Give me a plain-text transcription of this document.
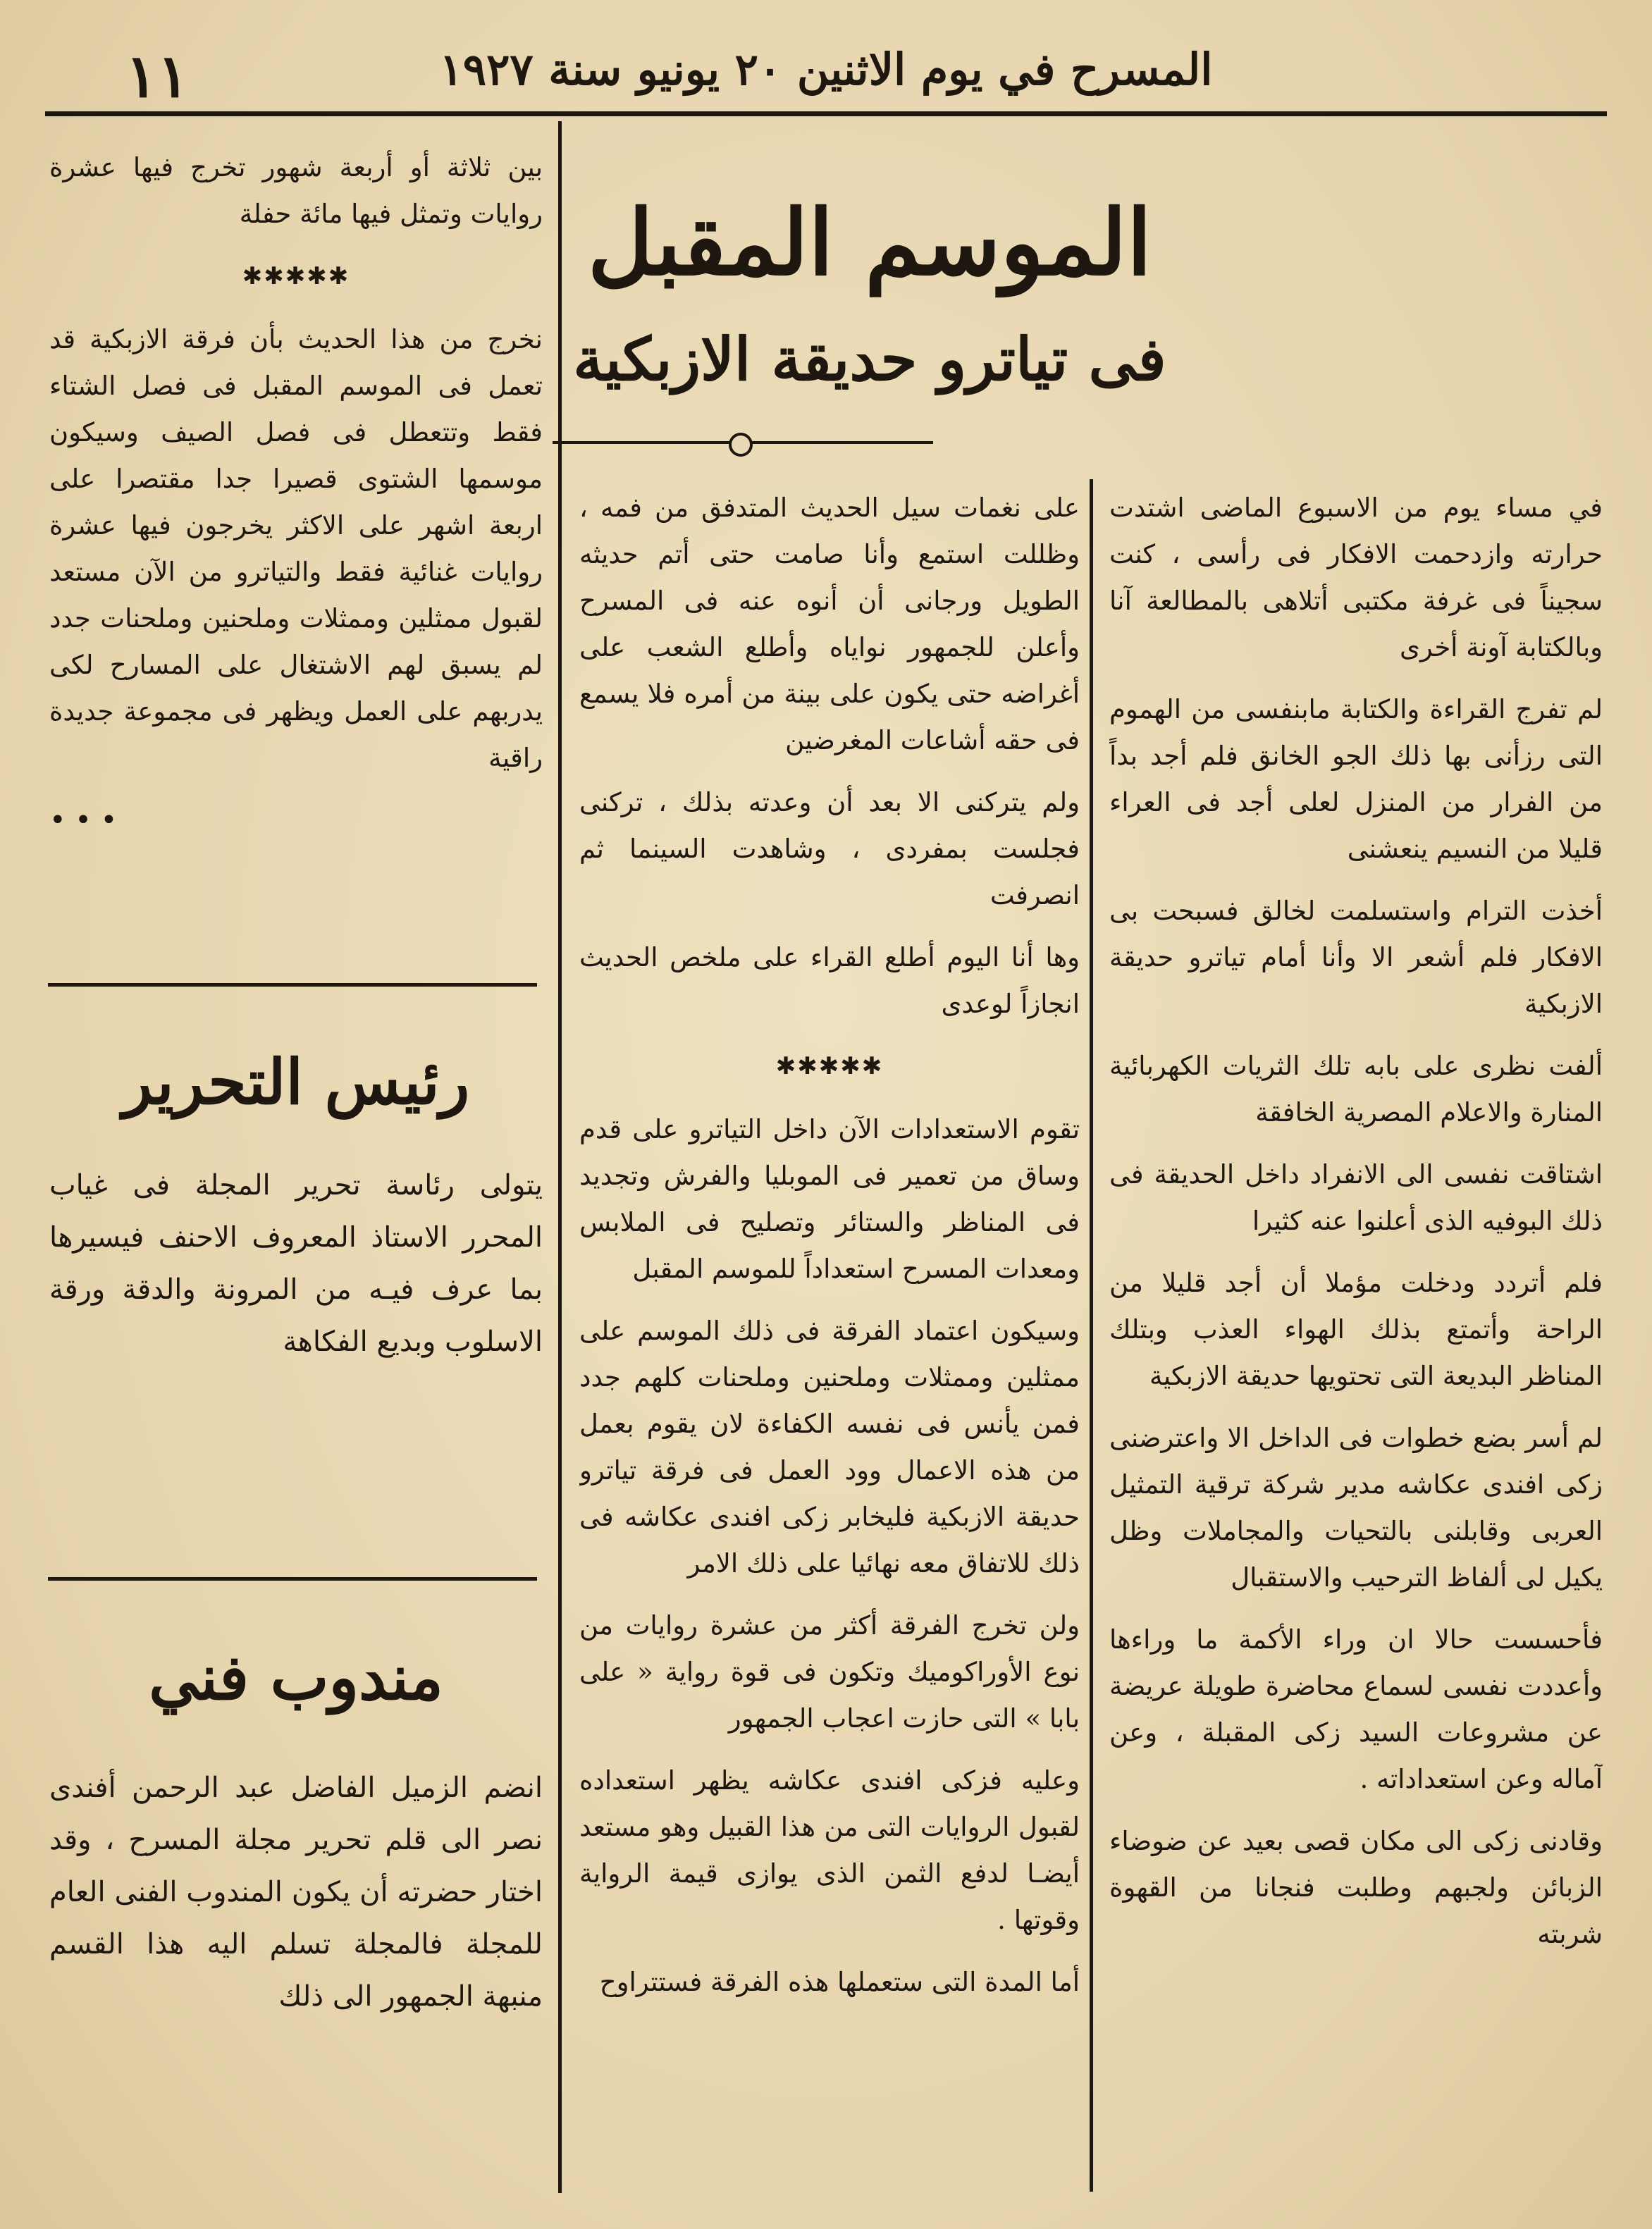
١١	المسرح في يوم الاثنين ٢٠ يونيو سنة ١٩٢٧
الموسم المقبل
فى تياترو حديقة الازبكية

في مساء يوم من الاسبوع الماضى اشتدت حرارته وازدحمت الافكار فى رأسى ، كنت سجيناً فى غرفة مكتبى أتلاهى بالمطالعة آنا وبالكتابة آونة أخرى

لم تفرج القراءة والكتابة مابنفسى من الهموم التى رزأنى بها ذلك الجو الخانق فلم أجد بداً من الفرار من المنزل لعلى أجد فى العراء قليلا من النسيم ينعشنى

أخذت الترام واستسلمت لخالق فسبحت بى الافكار فلم أشعر الا وأنا أمام تياترو حديقة الازبكية

ألفت نظرى على بابه تلك الثريات الكهربائية المنارة والاعلام المصرية الخافقة

اشتاقت نفسى الى الانفراد داخل الحديقة فى ذلك البوفيه الذى أعلنوا عنه كثيرا

فلم أتردد ودخلت مؤملا أن أجد قليلا من الراحة وأتمتع بذلك الهواء العذب وبتلك المناظر البديعة التى تحتويها حديقة الازبكية

لم أسر بضع خطوات فى الداخل الا واعترضنى زكى افندى عكاشه مدير شركة ترقية التمثيل العربى وقابلنى بالتحيات والمجاملات وظل يكيل لى ألفاظ الترحيب والاستقبال

فأحسست حالا ان وراء الأكمة ما وراءها وأعددت نفسى لسماع محاضرة طويلة عريضة عن مشروعات السيد زكى المقبلة ، وعن آماله وعن استعداداته .

وقادنى زكى الى مكان قصى بعيد عن ضوضاء الزبائن ولجبهم وطلبت فنجانا من القهوة شربته

على نغمات سيل الحديث المتدفق من فمه ، وظللت استمع وأنا صامت حتى أتم حديثه الطويل ورجانى أن أنوه عنه فى المسرح وأعلن للجمهور نواياه وأطلع الشعب على أغراضه حتى يكون على بينة من أمره فلا يسمع فى حقه أشاعات المغرضين

ولم يتركنى الا بعد أن وعدته بذلك ، تركنى فجلست بمفردى ، وشاهدت السينما ثم انصرفت

وها أنا اليوم أطلع القراء على ملخص الحديث انجازاً لوعدى

✱✱✱✱✱

تقوم الاستعدادات الآن داخل التياترو على قدم وساق من تعمير فى الموبليا والفرش وتجديد فى المناظر والستائر وتصليح فى الملابس ومعدات المسرح استعداداً للموسم المقبل

وسيكون اعتماد الفرقة فى ذلك الموسم على ممثلين وممثلات وملحنين وملحنات كلهم جدد فمن يأنس فى نفسه الكفاءة لان يقوم بعمل من هذه الاعمال وود العمل فى فرقة تياترو حديقة الازبكية فليخابر زكى افندى عكاشه فى ذلك للاتفاق معه نهائيا على ذلك الامر

ولن تخرج الفرقة أكثر من عشرة روايات من نوع الأوراكوميك وتكون فى قوة رواية « على بابا » التى حازت اعجاب الجمهور

وعليه فزكى افندى عكاشه يظهر استعداده لقبول الروايات التى من هذا القبيل وهو مستعد أيضـا لدفع الثمن الذى يوازى قيمة الرواية وقوتها .

أما المدة التى ستعملها هذه الفرقة فستتراوح

بين ثلاثة أو أربعة شهور تخرج فيها عشرة روايات وتمثل فيها مائة حفلة

✱✱✱✱✱

نخرج من هذا الحديث بأن فرقة الازبكية قد تعمل فى الموسم المقبل فى فصل الشتاء فقط وتتعطل فى فصل الصيف وسيكون موسمها الشتوى قصيرا جدا مقتصرا على اربعة اشهر على الاكثر يخرجون فيها عشرة روايات غنائية فقط والتياترو من الآن مستعد لقبول ممثلين وممثلات وملحنين وملحنات جدد لم يسبق لهم الاشتغال على المسارح لكى يدربهم على العمل ويظهر فى مجموعة جديدة راقية

• • •
رئيس التحرير

يتولى رئاسة تحرير المجلة فى غياب المحرر الاستاذ المعروف الاحنف فيسيرها بما عرف فيـه من المرونة والدقة ورقة الاسلوب وبديع الفكاهة

مندوب فني

انضم الزميل الفاضل عبد الرحمن أفندى نصر الى قلم تحرير مجلة المسرح ، وقد اختار حضرته أن يكون المندوب الفنى العام للمجلة فالمجلة تسلم اليه هذا القسم منبهة الجمهور الى ذلك
